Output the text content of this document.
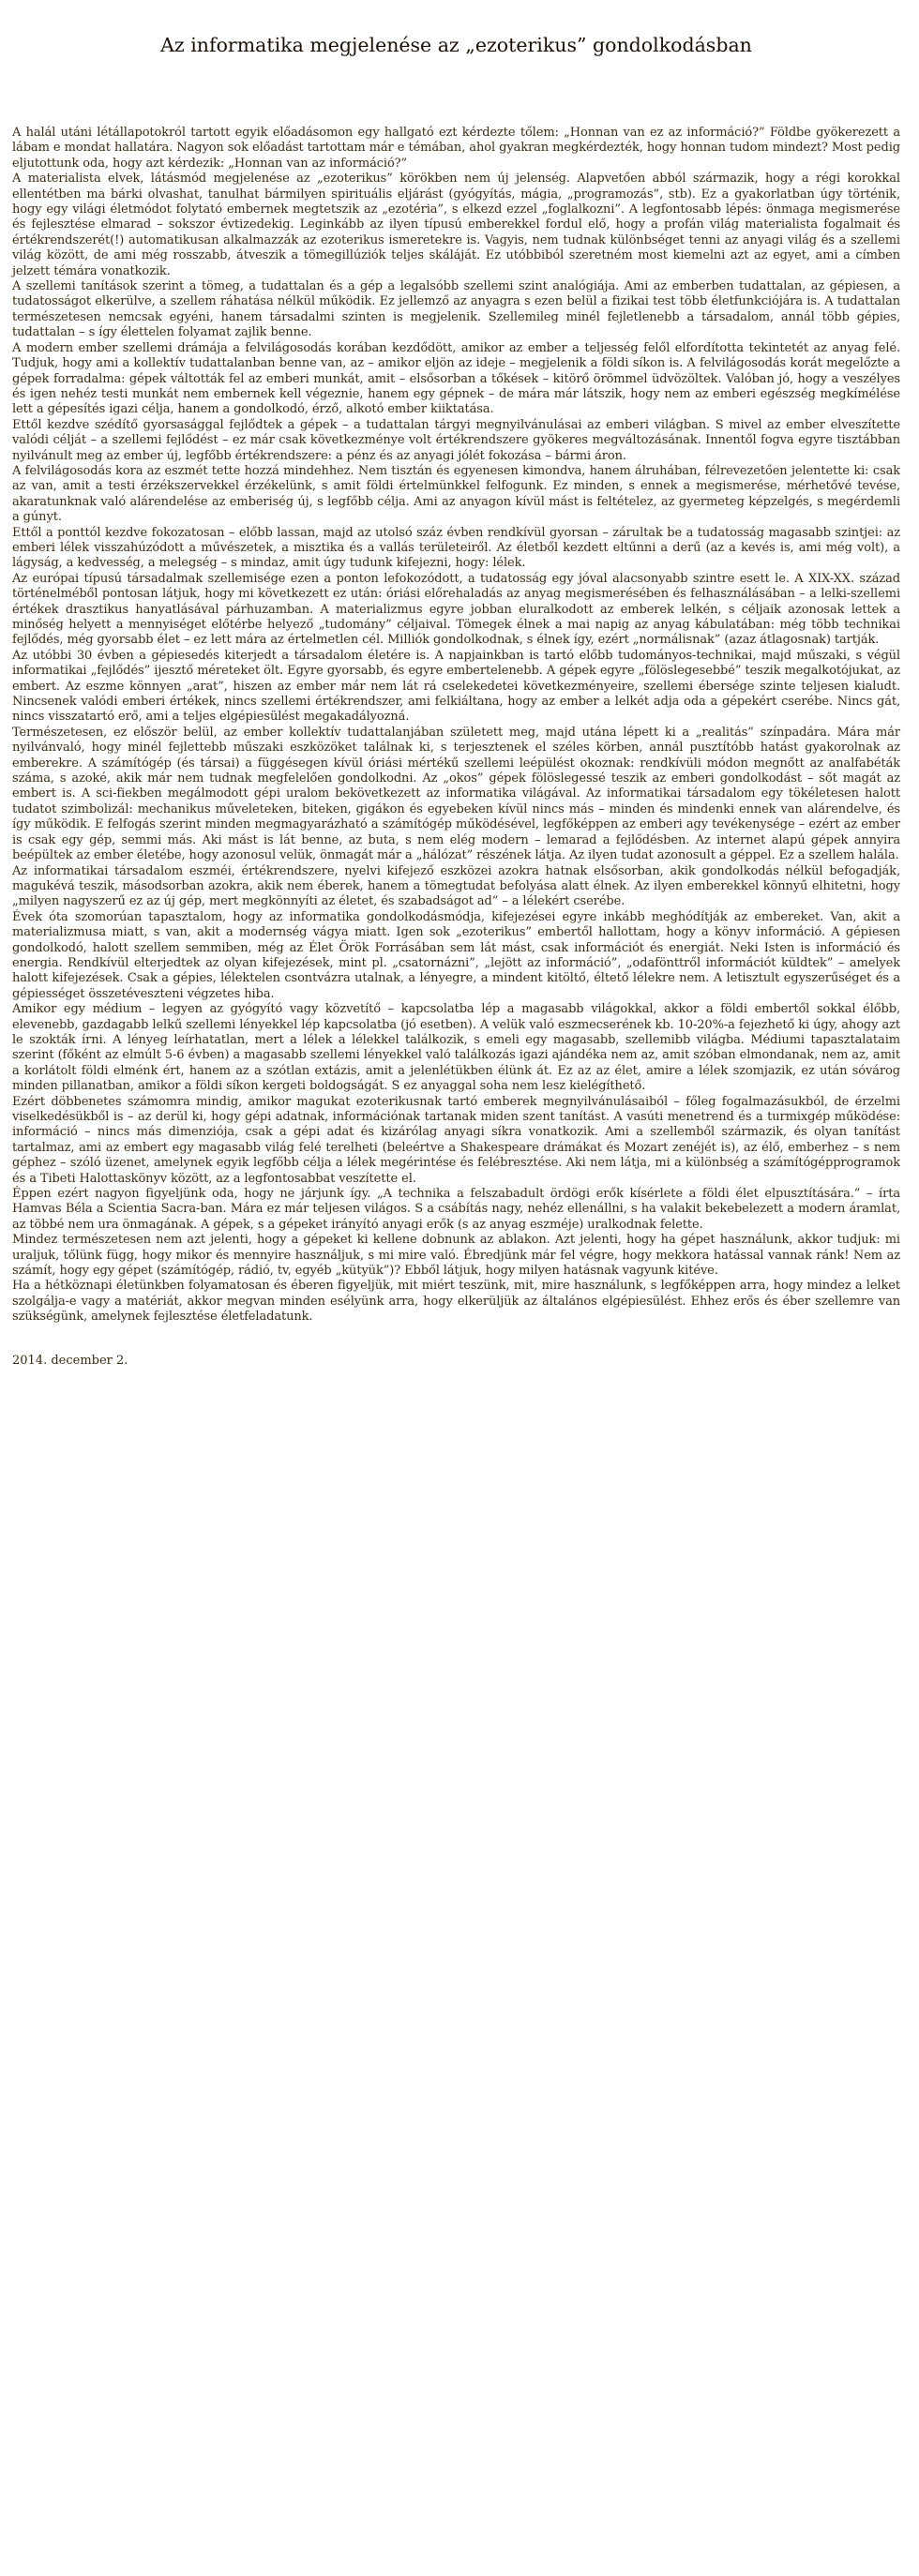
Az informatika megjelenése az „ezoterikus” gondolkodásban

A halál utáni létállapotokról tartott egyik előadásomon egy hallgató ezt kérdezte tőlem: „Honnan van ez az információ?” Földbe gyökerezett a lábam e mondat hallatára. Nagyon sok előadást tartottam már e témában, ahol gyakran megkérdezték, hogy honnan tudom mindezt? Most pedig eljutottunk oda, hogy azt kérdezik: „Honnan van az információ?”

A materialista elvek, látásmód megjelenése az „ezoterikus” körökben nem új jelenség. Alapvetően abból származik, hogy a régi korokkal ellentétben ma bárki olvashat, tanulhat bármilyen spirituális eljárást (gyógyítás, mágia, „programozás”, stb). Ez a gyakorlatban úgy történik, hogy egy világi életmódot folytató embernek megtetszik az „ezotéria”, s elkezd ezzel „foglalkozni”. A legfontosabb lépés: önmaga megismerése és fejlesztése elmarad – sokszor évtizedekig. Leginkább az ilyen típusú emberekkel fordul elő, hogy a profán világ materialista fogalmait és értékrendszerét(!) automatikusan alkalmazzák az ezoterikus ismeretekre is. Vagyis, nem tudnak különbséget tenni az anyagi világ és a szellemi világ között, de ami még rosszabb, átveszik a tömegillúziók teljes skáláját. Ez utóbbiból szeretném most kiemelni azt az egyet, ami a címben jelzett témára vonatkozik.

A szellemi tanítások szerint a tömeg, a tudattalan és a gép a legalsóbb szellemi szint analógiája. Ami az emberben tudattalan, az gépiesen, a tudatosságot elkerülve, a szellem ráhatása nélkül működik. Ez jellemző az anyagra s ezen belül a fizikai test több életfunkciójára is. A tudattalan természetesen nemcsak egyéni, hanem társadalmi szinten is megjelenik. Szellemileg minél fejletlenebb a társadalom, annál több gépies, tudattalan – s így élettelen folyamat zajlik benne.

A modern ember szellemi drámája a felvilágosodás korában kezdődött, amikor az ember a teljesség felől elfordította tekintetét az anyag felé. Tudjuk, hogy ami a kollektív tudattalanban benne van, az – amikor eljön az ideje – megjelenik a földi síkon is. A felvilágosodás korát megelőzte a gépek forradalma: gépek váltották fel az emberi munkát, amit – elsősorban a tőkések – kitörő örömmel üdvözöltek. Valóban jó, hogy a veszélyes és igen nehéz testi munkát nem embernek kell végeznie, hanem egy gépnek – de mára már látszik, hogy nem az emberi egészség megkímélése lett a gépesítés igazi célja, hanem a gondolkodó, érző, alkotó ember kiiktatása.

Ettől kezdve szédítő gyorsasággal fejlődtek a gépek – a tudattalan tárgyi megnyilvánulásai az emberi világban. S mivel az ember elveszítette valódi célját – a szellemi fejlődést – ez már csak következménye volt értékrendszere gyökeres megváltozásának. Innentől fogva egyre tisztábban nyilvánult meg az ember új, legfőbb értékrendszere: a pénz és az anyagi jólét fokozása – bármi áron.

A felvilágosodás kora az eszmét tette hozzá mindehhez. Nem tisztán és egyenesen kimondva, hanem álruhában, félrevezetően jelentette ki: csak az van, amit a testi érzékszervekkel érzékelünk, s amit földi értelmünkkel felfogunk. Ez minden, s ennek a megismerése, mérhetővé tevése, akaratunknak való alárendelése az emberiség új, s legfőbb célja. Ami az anyagon kívül mást is feltételez, az gyermeteg képzelgés, s megérdemli a gúnyt.

Ettől a ponttól kezdve fokozatosan – előbb lassan, majd az utolsó száz évben rendkívül gyorsan – zárultak be a tudatosság magasabb szintjei: az emberi lélek visszahúzódott a művészetek, a misztika és a vallás területeiről. Az életből kezdett eltűnni a derű (az a kevés is, ami még volt), a lágyság, a kedvesség, a melegség – s mindaz, amit úgy tudunk kifejezni, hogy: lélek.

Az európai típusú társadalmak szellemisége ezen a ponton lefokozódott, a tudatosság egy jóval alacsonyabb szintre esett le. A XIX-XX. század történelméből pontosan látjuk, hogy mi következett ez után: óriási előrehaladás az anyag megismerésében és felhasználásában – a lelki-szellemi értékek drasztikus hanyatlásával párhuzamban. A materializmus egyre jobban eluralkodott az emberek lelkén, s céljaik azonosak lettek a minőség helyett a mennyiséget előtérbe helyező „tudomány” céljaival. Tömegek élnek a mai napig az anyag kábulatában: még több technikai fejlődés, még gyorsabb élet – ez lett mára az értelmetlen cél. Milliók gondolkodnak, s élnek így, ezért „normálisnak” (azaz átlagosnak) tartják.

Az utóbbi 30 évben a gépiesedés kiterjedt a társadalom életére is. A napjainkban is tartó előbb tudományos-technikai, majd műszaki, s végül informatikai „fejlődés” ijesztő méreteket ölt. Egyre gyorsabb, és egyre embertelenebb. A gépek egyre „fölöslegesebbé” teszik megalkotójukat, az embert. Az eszme könnyen „arat”, hiszen az ember már nem lát rá cselekedetei következményeire, szellemi ébersége szinte teljesen kialudt. Nincsenek valódi emberi értékek, nincs szellemi értékrendszer, ami felkiáltana, hogy az ember a lelkét adja oda a gépekért cserébe. Nincs gát, nincs visszatartó erő, ami a teljes elgépiesülést megakadályozná.

Természetesen, ez először belül, az ember kollektív tudattalanjában született meg, majd utána lépett ki a „realitás” színpadára. Mára már nyilvánvaló, hogy minél fejlettebb műszaki eszközöket találnak ki, s terjesztenek el széles körben, annál pusztítóbb hatást gyakorolnak az emberekre. A számítógép (és társai) a függésegen kívül óriási mértékű szellemi leépülést okoznak: rendkívüli módon megnőtt az analfabéták száma, s azoké, akik már nem tudnak megfelelően gondolkodni. Az „okos” gépek fölöslegessé teszik az emberi gondolkodást – sőt magát az embert is. A sci-fiekben megálmodott gépi uralom bekövetkezett az informatika világával. Az informatikai társadalom egy tökéletesen halott tudatot szimbolizál: mechanikus műveleteken, biteken, gigákon és egyebeken kívül nincs más – minden és mindenki ennek van alárendelve, és így működik. E felfogás szerint minden megmagyarázható a számítógép működésével, legfőképpen az emberi agy tevékenysége – ezért az ember is csak egy gép, semmi más. Aki mást is lát benne, az buta, s nem elég modern – lemarad a fejlődésben. Az internet alapú gépek annyira beépültek az ember életébe, hogy azonosul velük, önmagát már a „hálózat” részének látja. Az ilyen tudat azonosult a géppel. Ez a szellem halála.

Az informatikai társadalom eszméi, értékrendszere, nyelvi kifejező eszközei azokra hatnak elsősorban, akik gondolkodás nélkül befogadják, magukévá teszik, másodsorban azokra, akik nem éberek, hanem a tömegtudat befolyása alatt élnek. Az ilyen emberekkel könnyű elhitetni, hogy „milyen nagyszerű ez az új gép, mert megkönnyíti az életet, és szabadságot ad” – a lélekért cserébe.

Évek óta szomorúan tapasztalom, hogy az informatika gondolkodásmódja, kifejezései egyre inkább meghódítják az embereket. Van, akit a materializmusa miatt, s van, akit a modernség vágya miatt. Igen sok „ezoterikus” embertől hallottam, hogy a könyv információ. A gépiesen gondolkodó, halott szellem semmiben, még az Élet Örök Forrásában sem lát mást, csak információt és energiát. Neki Isten is információ és energia. Rendkívül elterjedtek az olyan kifejezések, mint pl. „csatornázni”, „lejött az információ”, „odafönttről információt küldtek” – amelyek halott kifejezések. Csak a gépies, lélektelen csontvázra utalnak, a lényegre, a mindent kitöltő, éltető lélekre nem. A letisztult egyszerűséget és a gépiességet összetéveszteni végzetes hiba.

Amikor egy médium – legyen az gyógyító vagy közvetítő – kapcsolatba lép a magasabb világokkal, akkor a földi embertől sokkal élőbb, elevenebb, gazdagabb lelkű szellemi lényekkel lép kapcsolatba (jó esetben). A velük való eszmecserének kb. 10-20%-a fejezhető ki úgy, ahogy azt le szokták írni. A lényeg leírhatatlan, mert a lélek a lélekkel találkozik, s emeli egy magasabb, szellemibb világba. Médiumi tapasztalataim szerint (főként az elmúlt 5-6 évben) a magasabb szellemi lényekkel való találkozás igazi ajándéka nem az, amit szóban elmondanak, nem az, amit a korlátolt földi elménk ért, hanem az a szótlan extázis, amit a jelenlétükben élünk át. Ez az az élet, amire a lélek szomjazik, ez után sóvárog minden pillanatban, amikor a földi síkon kergeti boldogságát. S ez anyaggal soha nem lesz kielégíthető.

Ezért döbbenetes számomra mindig, amikor magukat ezoterikusnak tartó emberek megnyilvánulásaiból – főleg fogalmazásukból, de érzelmi viselkedésükből is – az derül ki, hogy gépi adatnak, információnak tartanak miden szent tanítást. A vasúti menetrend és a turmixgép működése: információ – nincs más dimenziója, csak a gépi adat és kizárólag anyagi síkra vonatkozik. Ami a szellemből származik, és olyan tanítást tartalmaz, ami az embert egy magasabb világ felé terelheti (beleértve a Shakespeare drámákat és Mozart zenéjét is), az élő, emberhez – s nem géphez – szóló üzenet, amelynek egyik legfőbb célja a lélek megérintése és felébresztése. Aki nem látja, mi a különbség a számítógépprogramok és a Tibeti Halottaskönyv között, az a legfontosabbat veszítette el.

Éppen ezért nagyon figyeljünk oda, hogy ne járjunk így. „A technika a felszabadult ördögi erők kísérlete a földi élet elpusztítására.” – írta Hamvas Béla a Scientia Sacra-ban. Mára ez már teljesen világos. S a csábítás nagy, nehéz ellenállni, s ha valakit bekebelezett a modern áramlat, az többé nem ura önmagának. A gépek, s a gépeket irányító anyagi erők (s az anyag eszméje) uralkodnak felette.

Mindez természetesen nem azt jelenti, hogy a gépeket ki kellene dobnunk az ablakon. Azt jelenti, hogy ha gépet használunk, akkor tudjuk: mi uraljuk, tőlünk függ, hogy mikor és mennyire használjuk, s mi mire való. Ébredjünk már fel végre, hogy mekkora hatással vannak ránk! Nem az számít, hogy egy gépet (számítógép, rádió, tv, egyéb „kütyük”)? Ebből látjuk, hogy milyen hatásnak vagyunk kitéve.

Ha a hétköznapi életünkben folyamatosan és éberen figyeljük, mit miért teszünk, mit, mire használunk, s legfőképpen arra, hogy mindez a lelket szolgálja-e vagy a matériát, akkor megvan minden esélyünk arra, hogy elkerüljük az általános elgépiesülést. Ehhez erős és éber szellemre van szükségünk, amelynek fejlesztése életfeladatunk.

2014. december 2.
